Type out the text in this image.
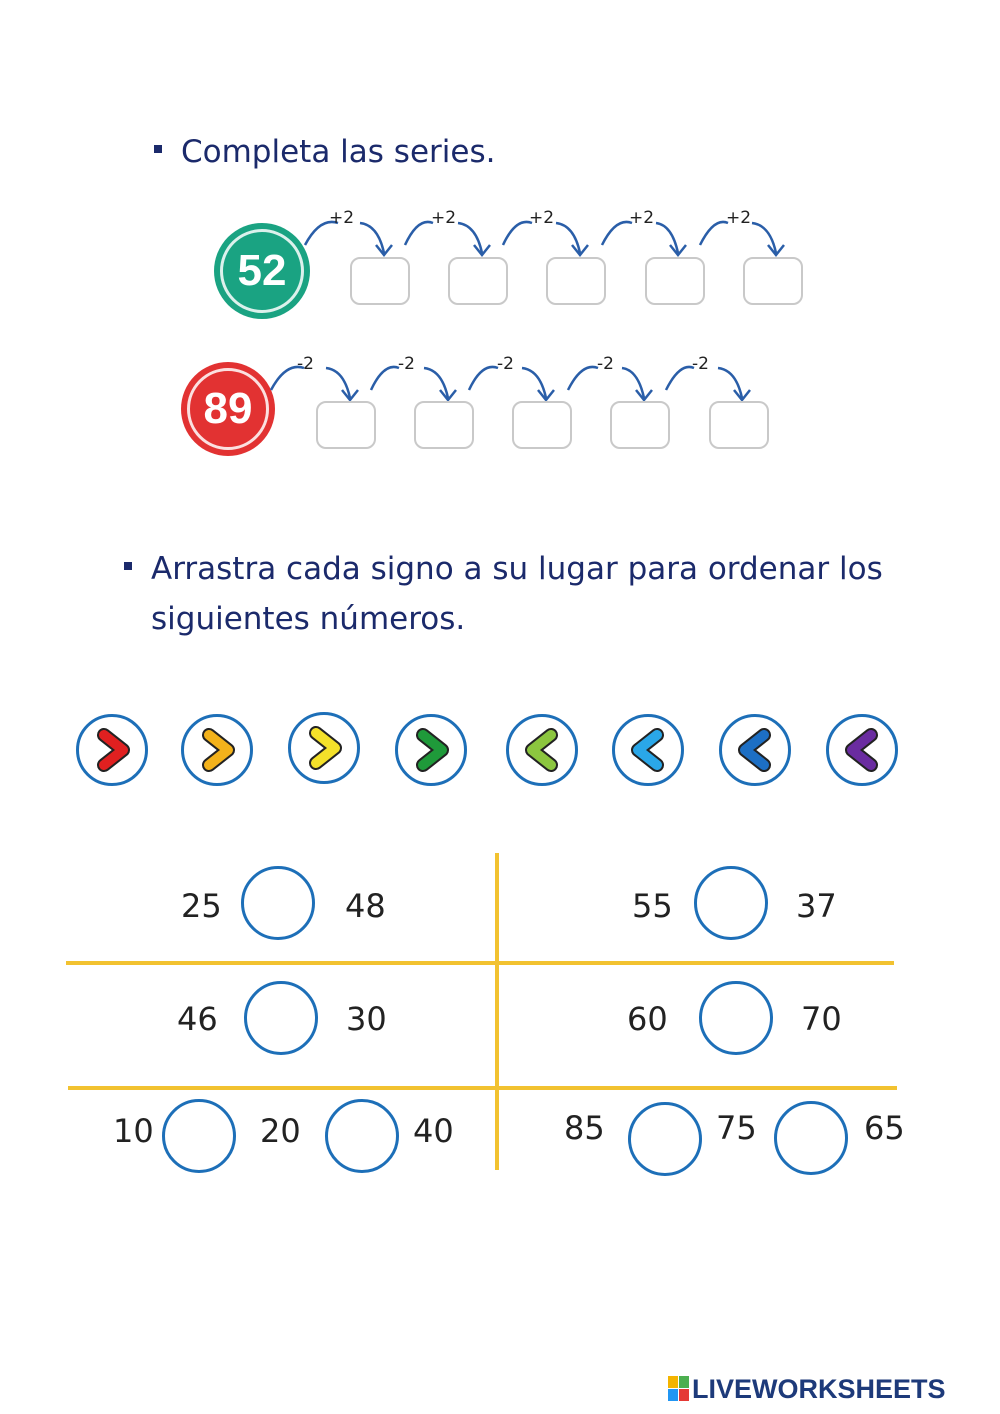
Completa las series.
52
+2	+2	+2	+2	+2
89
-2	-2	-2	-2	-2
Arrastra cada signo a su lugar para ordenar los
siguientes números.
25	48	55	37
46	30	60	70
10	20	40	85	75	65
LIVEWORKSHEETS
